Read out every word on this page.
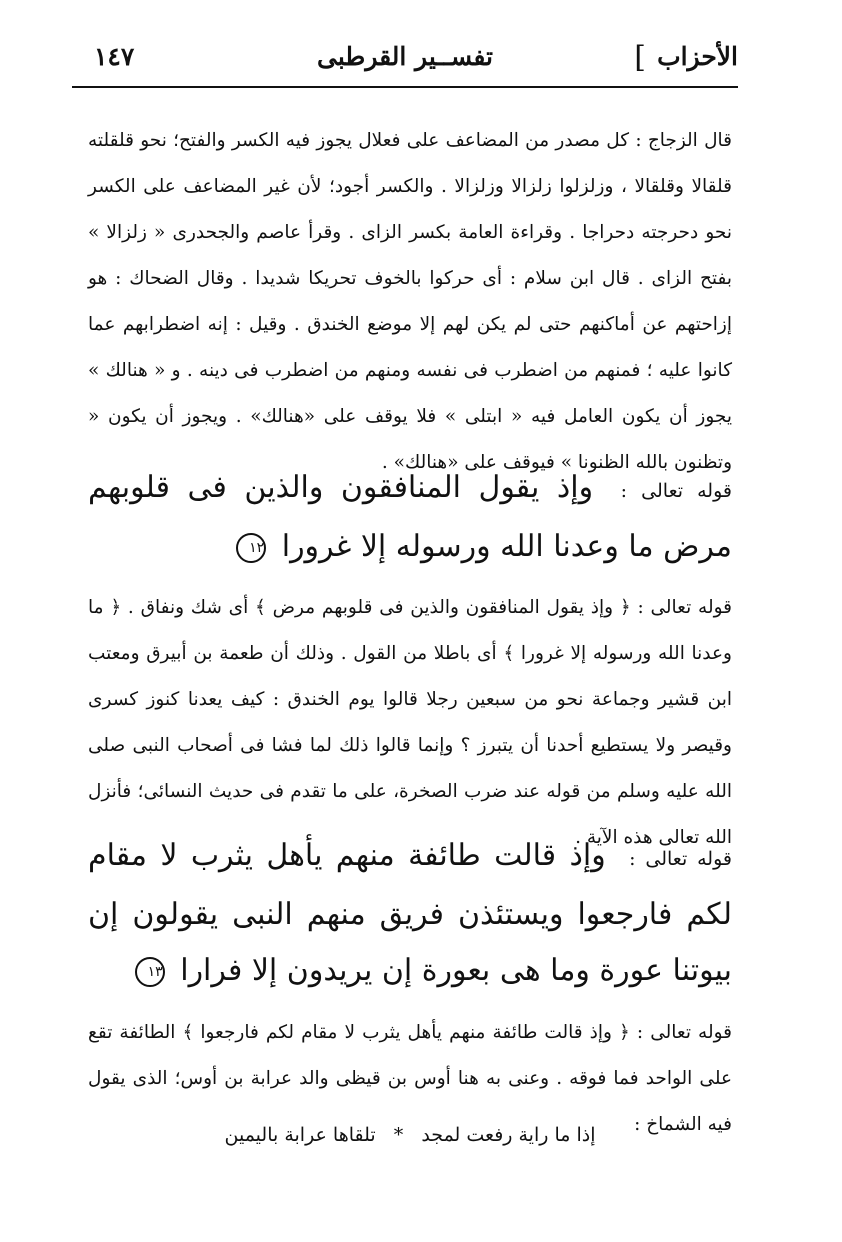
الأحزاب
]
تفســير القرطبى
١٤٧

قال الزجاج : كل مصدر من المضاعف على فعلال يجوز فيه الكسر والفتح؛ نحو قلقلته قلقالا وقلقالا ، وزلزلوا زلزالا وزلزالا . والكسر أجود؛ لأن غير المضاعف على الكسر نحو دحرجته دحراجا . وقراءة العامة بكسر الزاى . وقرأ عاصم والجحدرى « زلزالا » بفتح الزاى . قال ابن سلام : أى حركوا بالخوف تحريكا شديدا . وقال الضحاك : هو إزاحتهم عن أماكنهم حتى لم يكن لهم إلا موضع الخندق . وقيل : إنه اضطرابهم عما كانوا عليه ؛ فمنهم من اضطرب فى نفسه ومنهم من اضطرب فى دينه . و « هنالك » يجوز أن يكون العامل فيه « ابتلى » فلا يوقف على «هنالك» . ويجوز أن يكون « وتظنون بالله الظنونا » فيوقف على «هنالك» .

قوله تعالى : وإذ يقول المنافقون والذين فى قلوبهم مرض ما وعدنا الله ورسوله إلا غرورا ١٢

قوله تعالى : ﴿ وإذ يقول المنافقون والذين فى قلوبهم مرض ﴾ أى شك ونفاق . ﴿ ما وعدنا الله ورسوله إلا غرورا ﴾ أى باطلا من القول . وذلك أن طعمة بن أبيرق ومعتب ابن قشير وجماعة نحو من سبعين رجلا قالوا يوم الخندق : كيف يعدنا كنوز كسرى وقيصر ولا يستطيع أحدنا أن يتبرز ؟ وإنما قالوا ذلك لما فشا فى أصحاب النبى صلى الله عليه وسلم من قوله عند ضرب الصخرة، على ما تقدم فى حديث النسائى؛ فأنزل الله تعالى هذه الآية .

قوله تعالى : وإذ قالت طائفة منهم يأهل يثرب لا مقام لكم فارجعوا ويستئذن فريق منهم النبى يقولون إن بيوتنا عورة وما هى بعورة إن يريدون إلا فرارا ١٣

قوله تعالى : ﴿ وإذ قالت طائفة منهم يأهل يثرب لا مقام لكم فارجعوا ﴾ الطائفة تقع على الواحد فما فوقه . وعنى به هنا أوس بن قيظى والد عرابة بن أوس؛ الذى يقول فيه الشماخ :

إذا ما راية رفعت لمجد * تلقاها عرابة باليمين
